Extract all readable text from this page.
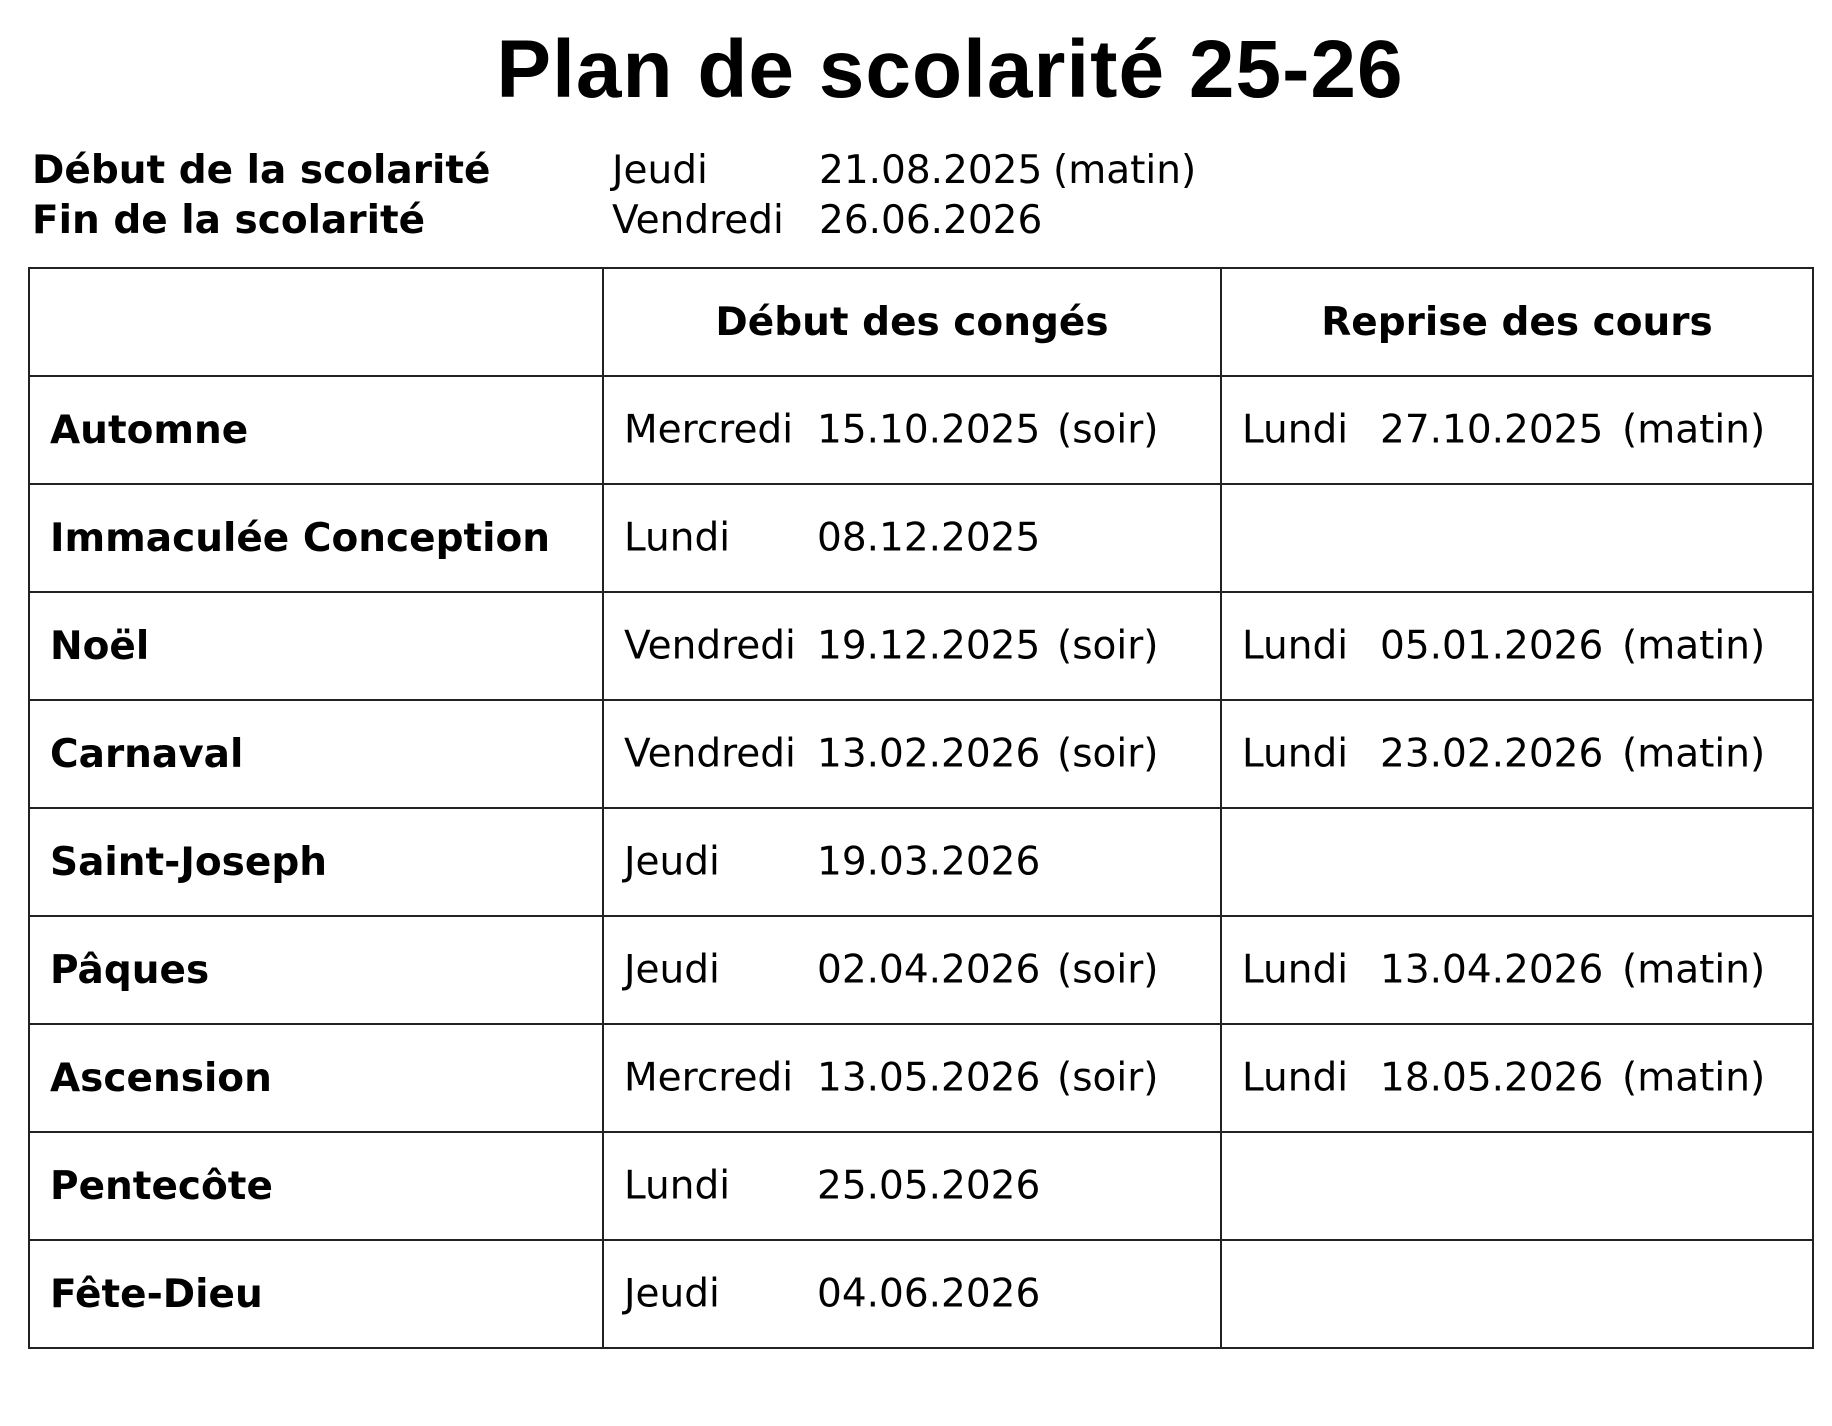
Plan de scolarité 25-26
Début de la scolarité	Jeudi	21.08.2025 (matin)
Fin de la scolarité	Vendredi 26.06.2026
	Début des congés	Reprise des cours
Automne	Mercredi 15.10.2025 (soir)	Lundi 27.10.2025 (matin)

Immaculée Conception	Lundi 08.12.2025	

Noël	Vendredi 19.12.2025 (soir)	Lundi 05.01.2026 (matin)

Carnaval	Vendredi 13.02.2026 (soir)	Lundi 23.02.2026 (matin)

Saint-Joseph	Jeudi 19.03.2026	

Pâques	Jeudi 02.04.2026 (soir)	Lundi 13.04.2026 (matin)

Ascension	Mercredi 13.05.2026 (soir)	Lundi 18.05.2026 (matin)

Pentecôte	Lundi 25.05.2026	

Fête-Dieu	Jeudi 04.06.2026	
